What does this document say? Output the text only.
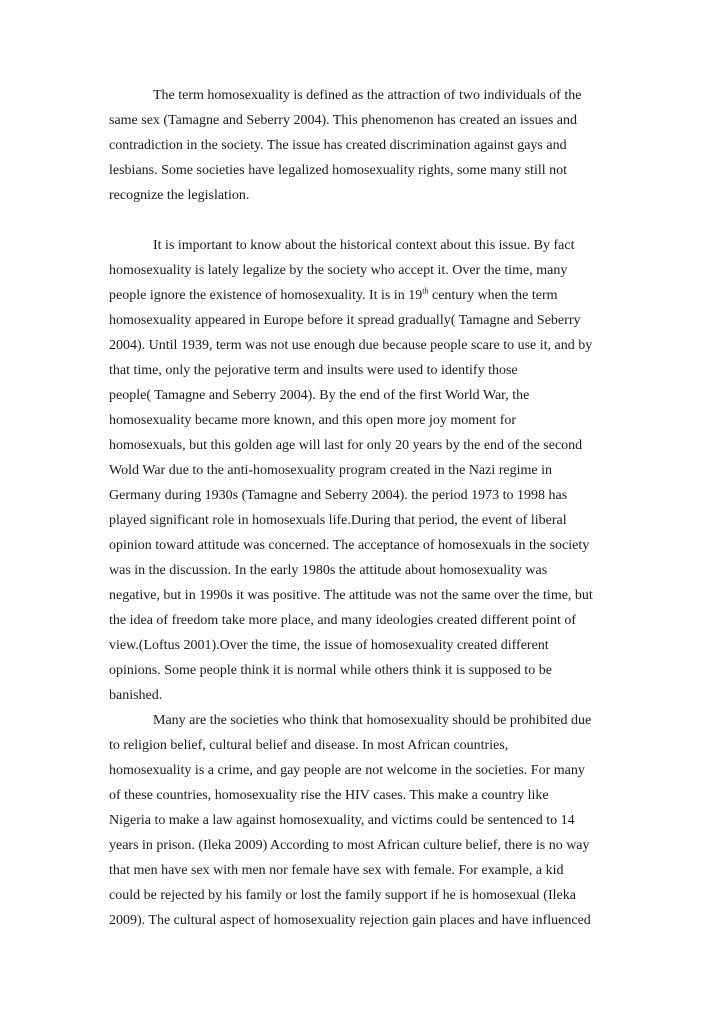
The term homosexuality is defined as the attraction of two individuals of the
same sex (Tamagne and Seberry 2004). This phenomenon has created an issues and
contradiction in the society. The issue has created discrimination against gays and
lesbians. Some societies have legalized homosexuality rights, some many still not
recognize the legislation.
It is important to know about the historical context about this issue. By fact
homosexuality is lately legalize by the society who accept it. Over the time, many
people ignore the existence of homosexuality. It is in 19th century when the term
homosexuality appeared in Europe before it spread gradually( Tamagne and Seberry
2004). Until 1939, term was not use enough due because people scare to use it, and by
that time, only the pejorative term and insults were used to identify those
people( Tamagne and Seberry 2004). By the end of the first World War, the
homosexuality became more known, and this open more joy moment for
homosexuals, but this golden age will last for only 20 years by the end of the second
Wold War due to the anti-homosexuality program created in the Nazi regime in
Germany during 1930s (Tamagne and Seberry 2004). the period 1973 to 1998 has
played significant role in homosexuals life.During that period, the event of liberal
opinion toward attitude was concerned. The acceptance of homosexuals in the society
was in the discussion. In the early 1980s the attitude about homosexuality was
negative, but in 1990s it was positive. The attitude was not the same over the time, but
the idea of freedom take more place, and many ideologies created different point of
view.(Loftus 2001).Over the time, the issue of homosexuality created different
opinions. Some people think it is normal while others think it is supposed to be
banished.
Many are the societies who think that homosexuality should be prohibited due
to religion belief, cultural belief and disease. In most African countries,
homosexuality is a crime, and gay people are not welcome in the societies. For many
of these countries, homosexuality rise the HIV cases. This make a country like
Nigeria to make a law against homosexuality, and victims could be sentenced to 14
years in prison. (Ileka 2009) According to most African culture belief, there is no way
that men have sex with men nor female have sex with female. For example, a kid
could be rejected by his family or lost the family support if he is homosexual (Ileka
2009). The cultural aspect of homosexuality rejection gain places and have influenced
